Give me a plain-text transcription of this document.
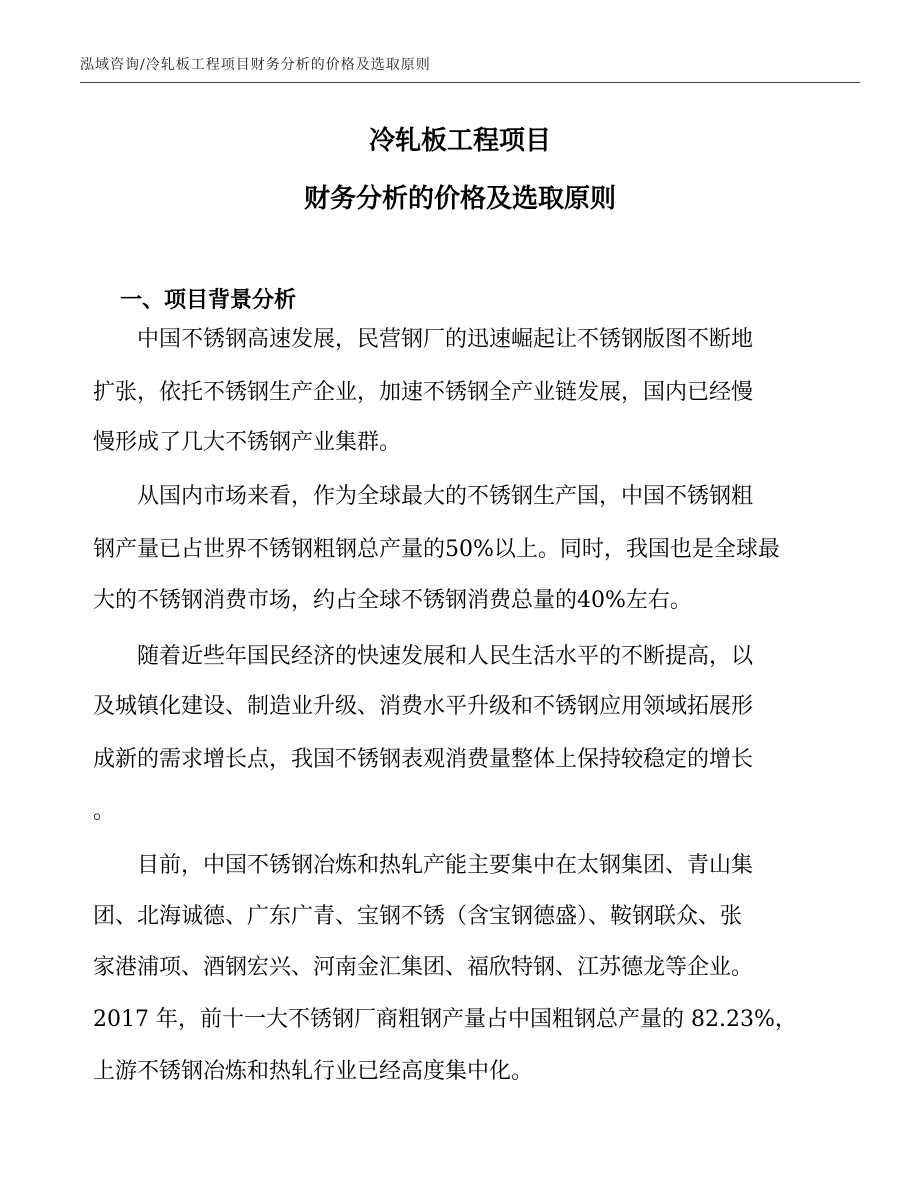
泓域咨询/冷轧板工程项目财务分析的价格及选取原则
冷轧板工程项目
财务分析的价格及选取原则
一、项目背景分析
中国不锈钢高速发展，民营钢厂的迅速崛起让不锈钢版图不断地
扩张，依托不锈钢生产企业，加速不锈钢全产业链发展，国内已经慢
慢形成了几大不锈钢产业集群。
从国内市场来看，作为全球最大的不锈钢生产国，中国不锈钢粗
钢产量已占世界不锈钢粗钢总产量的50%以上。同时，我国也是全球最
大的不锈钢消费市场，约占全球不锈钢消费总量的40%左右。
随着近些年国民经济的快速发展和人民生活水平的不断提高，以
及城镇化建设、制造业升级、消费水平升级和不锈钢应用领域拓展形
成新的需求增长点，我国不锈钢表观消费量整体上保持较稳定的增长
。
目前，中国不锈钢冶炼和热轧产能主要集中在太钢集团、青山集
团、北海诚德、广东广青、宝钢不锈（含宝钢德盛）、鞍钢联众、张
家港浦项、酒钢宏兴、河南金汇集团、福欣特钢、江苏德龙等企业。
2017 年，前十一大不锈钢厂商粗钢产量占中国粗钢总产量的 82.23%，
上游不锈钢冶炼和热轧行业已经高度集中化。
